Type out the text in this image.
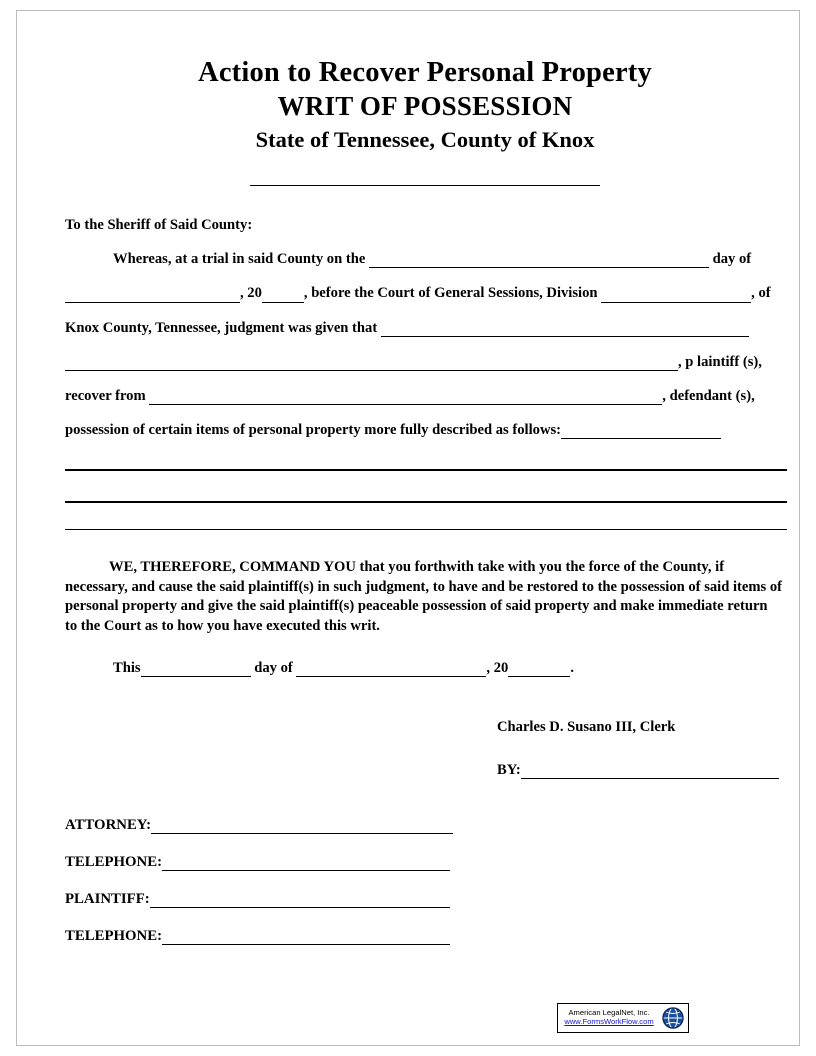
Action to Recover Personal Property
WRIT OF POSSESSION
State of Tennessee, County of Knox
To the Sheriff of Said County:
Whereas, at a trial in said County on the	day of
, 20	, before the Court of General Sessions, Division	, of
Knox County, Tennessee, judgment was given that
, p laintiff (s),
recover from	, defendant (s),
possession of certain items of personal property more fully described as follows:
WE, THEREFORE, COMMAND YOU that you forthwith take with you the force of the County, if necessary, and cause the said plaintiff(s) in such judgment, to have and be restored to the possession of said items of personal property and give the said plaintiff(s) peaceable possession of said property and make immediate return to the Court as to how you have executed this writ.
This	day of	, 20	.
Charles D. Susano III, Clerk
BY:
ATTORNEY:
TELEPHONE:
PLAINTIFF:
TELEPHONE:
American LegalNet, Inc.
www.FormsWorkFlow.com
